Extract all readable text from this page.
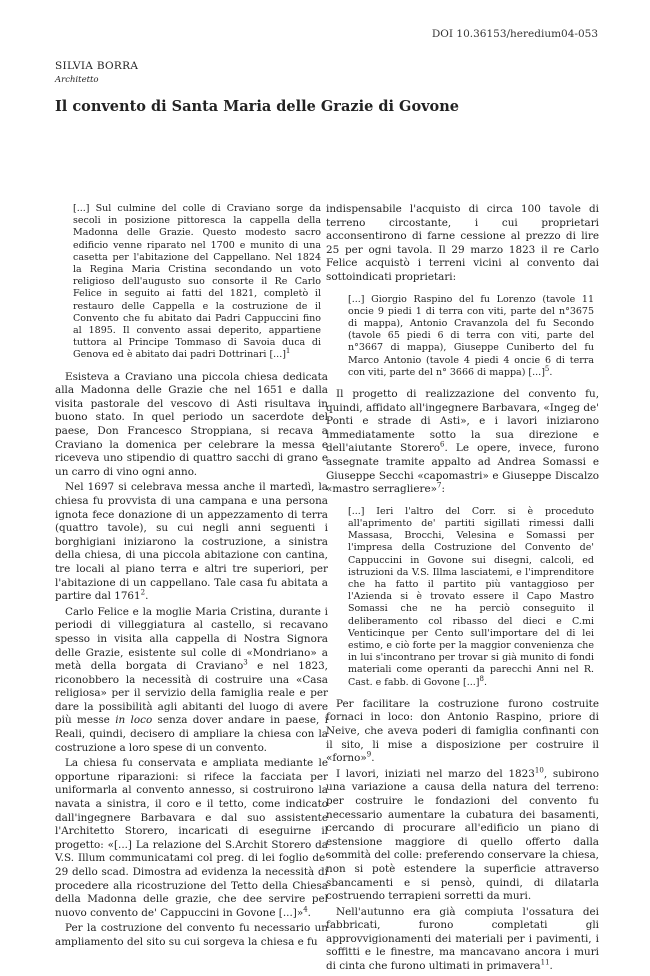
DOI 10.36153/heredium04-053
SILVIA BORRA
Architetto
Il convento di Santa Maria delle Grazie di Govone
[...] Sul culmine del colle di Craviano sorge da secoli in posizione pittoresca la cappella della Madonna delle Grazie. Questo modesto sacro edificio venne riparato nel 1700 e munito di una casetta per l'abitazione del Cappellano. Nel 1824 la Regina Maria Cristina secondando un voto religioso dell'augusto suo consorte il Re Carlo Felice in seguito ai fatti del 1821, completò il restauro delle Cappella e la costruzione de il Convento che fu abitato dai Padri Cappuccini fino al 1895. Il convento assai deperito, appartiene tuttora al Principe Tommaso di Savoia duca di Genova ed è abitato dai padri Dottrinari [...]$^1$

Esisteva a Craviano una piccola chiesa dedicata alla Madonna delle Grazie che nel 1651 e dalla visita pastorale del vescovo di Asti risultava in buono stato. In quel periodo un sacerdote del paese, Don Francesco Stroppiana, si recava a Craviano la domenica per celebrare la messa e riceveva uno stipendio di quattro sacchi di grano e un carro di vino ogni anno.

Nel 1697 si celebrava messa anche il martedì, la chiesa fu provvista di una campana e una persona ignota fece donazione di un appezzamento di terra (quattro tavole), su cui negli anni seguenti i borghigiani iniziarono la costruzione, a sinistra della chiesa, di una piccola abitazione con cantina, tre locali al piano terra e altri tre superiori, per l'abitazione di un cappellano. Tale casa fu abitata a partire dal 1761$^2$.

Carlo Felice e la moglie Maria Cristina, durante i periodi di villeggiatura al castello, si recavano spesso in visita alla cappella di Nostra Signora delle Grazie, esistente sul colle di «Mondriano» a metà della borgata di Craviano$^3$ e nel 1823, riconobbero la necessità di costruire una «Casa religiosa» per il servizio della famiglia reale e per dare la possibilità agli abitanti del luogo di avere più messe in loco senza dover andare in paese, i Reali, quindi, decisero di ampliare la chiesa con la costruzione a loro spese di un convento.

La chiesa fu conservata e ampliata mediante le opportune riparazioni: si rifece la facciata per uniformarla al convento annesso, si costruirono la navata a sinistra, il coro e il tetto, come indicato dall'ingegnere Barbavara e dal suo assistente l'Architetto Storero, incaricati di eseguirne il progetto: «[...] La relazione del S.Archit Storero da V.S. Illum communicatami col preg. di lei foglio de' 29 dello scad. Dimostra ad evidenza la necessità di procedere alla ricostruzione del Tetto della Chiesa della Madonna delle grazie, che dee servire pel nuovo convento de' Cappuccini in Govone [...]»$^4$.

Per la costruzione del convento fu necessario un ampliamento del sito su cui sorgeva la chiesa e fu

indispensabile l'acquisto di circa 100 tavole di terreno circostante, i cui proprietari acconsentirono di farne cessione al prezzo di lire 25 per ogni tavola. Il 29 marzo 1823 il re Carlo Felice acquistò i terreni vicini al convento dai sottoindicati proprietari:

[...] Giorgio Raspino del fu Lorenzo (tavole 11 oncie 9 piedi 1 di terra con viti, parte del n°3675 di mappa), Antonio Cravanzola del fu Secondo (tavole 65 piedi 6 di terra con viti, parte del n°3667 di mappa), Giuseppe Cuniberto del fu Marco Antonio (tavole 4 piedi 4 oncie 6 di terra con viti, parte del n° 3666 di mappa) [...]$^5$.

Il progetto di realizzazione del convento fu, quindi, affidato all'ingegnere Barbavara, «Ingeg de' Ponti e strade di Asti», e i lavori iniziarono immediatamente sotto la sua direzione e dell'aiutante Storero$^6$. Le opere, invece, furono assegnate tramite appalto ad Andrea Somassi e Giuseppe Secchi «capomastri» e Giuseppe Discalzo «mastro serragliere»$^7$:

[...] Ieri l'altro del Corr. si è proceduto all'aprimento de' partiti sigillati rimessi dalli Massasa, Brocchi, Velesina e Somassi per l'impresa della Costruzione del Convento de' Cappuccini in Govone sui disegni, calcoli, ed istruzioni da V.S. Illma lasciatemi, e l'imprenditore che ha fatto il partito più vantaggioso per l'Azienda si è trovato essere il Capo Mastro Somassi che ne ha perciò conseguito il deliberamento col ribasso del dieci e C.mi Venticinque per Cento sull'importare del di lei estimo, e ciò forte per la maggior convenienza che in lui s'incontrano per trovar si già munito di fondi materiali come operanti da parecchi Anni nel R. Cast. e fabb. di Govone [...]$^8$.

Per facilitare la costruzione furono costruite fornaci in loco: don Antonio Raspino, priore di Neive, che aveva poderi di famiglia confinanti con il sito, li mise a disposizione per costruire il «forno»$^9$.

I lavori, iniziati nel marzo del 1823$^{10}$, subirono una variazione a causa della natura del terreno: per costruire le fondazioni del convento fu necessario aumentare la cubatura dei basamenti, cercando di procurare all'edificio un piano di estensione maggiore di quello offerto dalla sommità del colle: preferendo conservare la chiesa, non si potè estendere la superficie attraverso sbancamenti e si pensò, quindi, di dilatarla costruendo terrapieni sorretti da muri.

Nell'autunno era già compiuta l'ossatura dei fabbricati, furono completati gli approvvigionamenti dei materiali per i pavimenti, i soffitti e le finestre, ma mancavano ancora i muri di cinta che furono ultimati in primavera$^{11}$.
